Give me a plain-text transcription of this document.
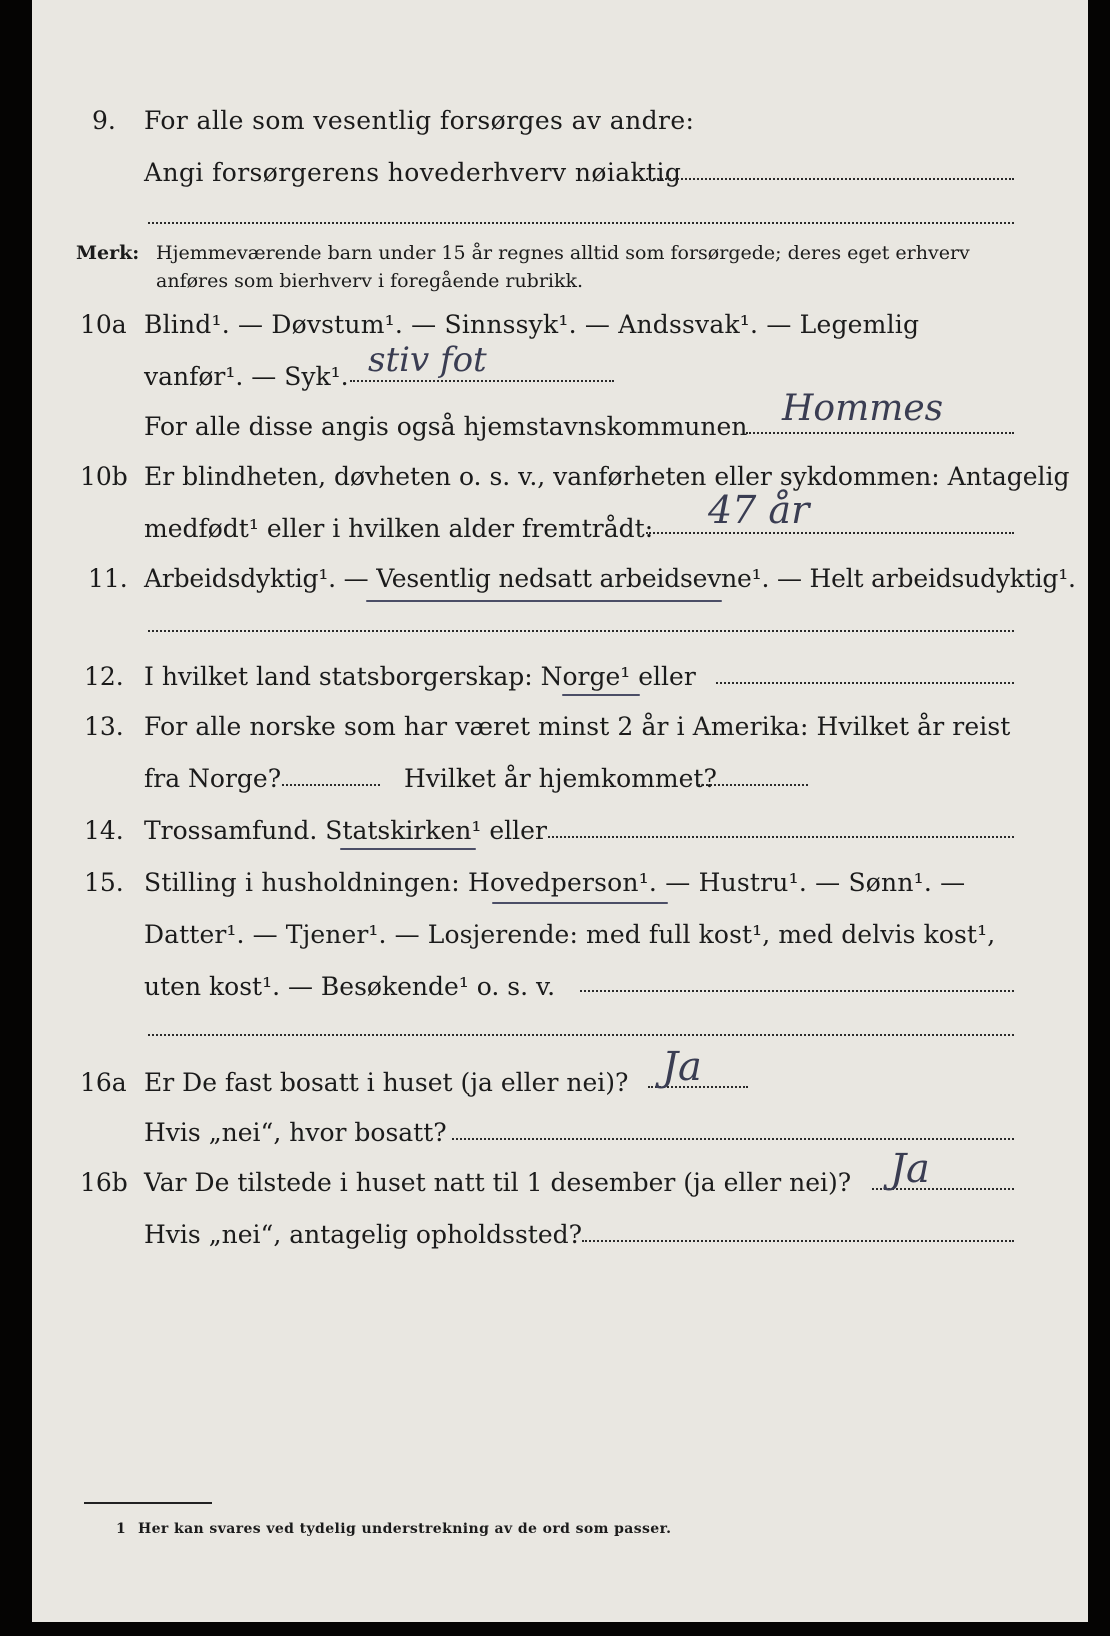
9. For alle som vesentlig forsørges av andre:
Angi forsørgerens hovederhverv nøiaktig
Merk: Hjemmeværende barn under 15 år regnes alltid som forsørgede; deres eget erhverv
anføres som bierhverv i foregående rubrikk.
10a Blind¹. — Døvstum¹. — Sinnssyk¹. — Andssvak¹. — Legemlig
vanfør¹. — Syk¹. stiv fot
For alle disse angis også hjemstavnskommunen Hommes
10b Er blindheten, døvheten o. s. v., vanførheten eller sykdommen: Antagelig
medfødt¹ eller i hvilken alder fremtrådt: 47 år
11. Arbeidsdyktig¹. — Vesentlig nedsatt arbeidsevne¹. — Helt arbeidsudyktig¹.
12. I hvilket land statsborgerskap: Norge¹ eller
13. For alle norske som har været minst 2 år i Amerika: Hvilket år reist
fra Norge?	Hvilket år hjemkommet?
14. Trossamfund. Statskirken¹ eller
15. Stilling i husholdningen: Hovedperson¹. — Hustru¹. — Sønn¹. —
Datter¹. — Tjener¹. — Losjerende: med full kost¹, med delvis kost¹,
uten kost¹. — Besøkende¹ o. s. v.
16a Er De fast bosatt i huset (ja eller nei)? Ja
Hvis „nei“, hvor bosatt?
16b Var De tilstede i huset natt til 1 desember (ja eller nei)? Ja
Hvis „nei“, antagelig opholdssted?
1 Her kan svares ved tydelig understrekning av de ord som passer.
